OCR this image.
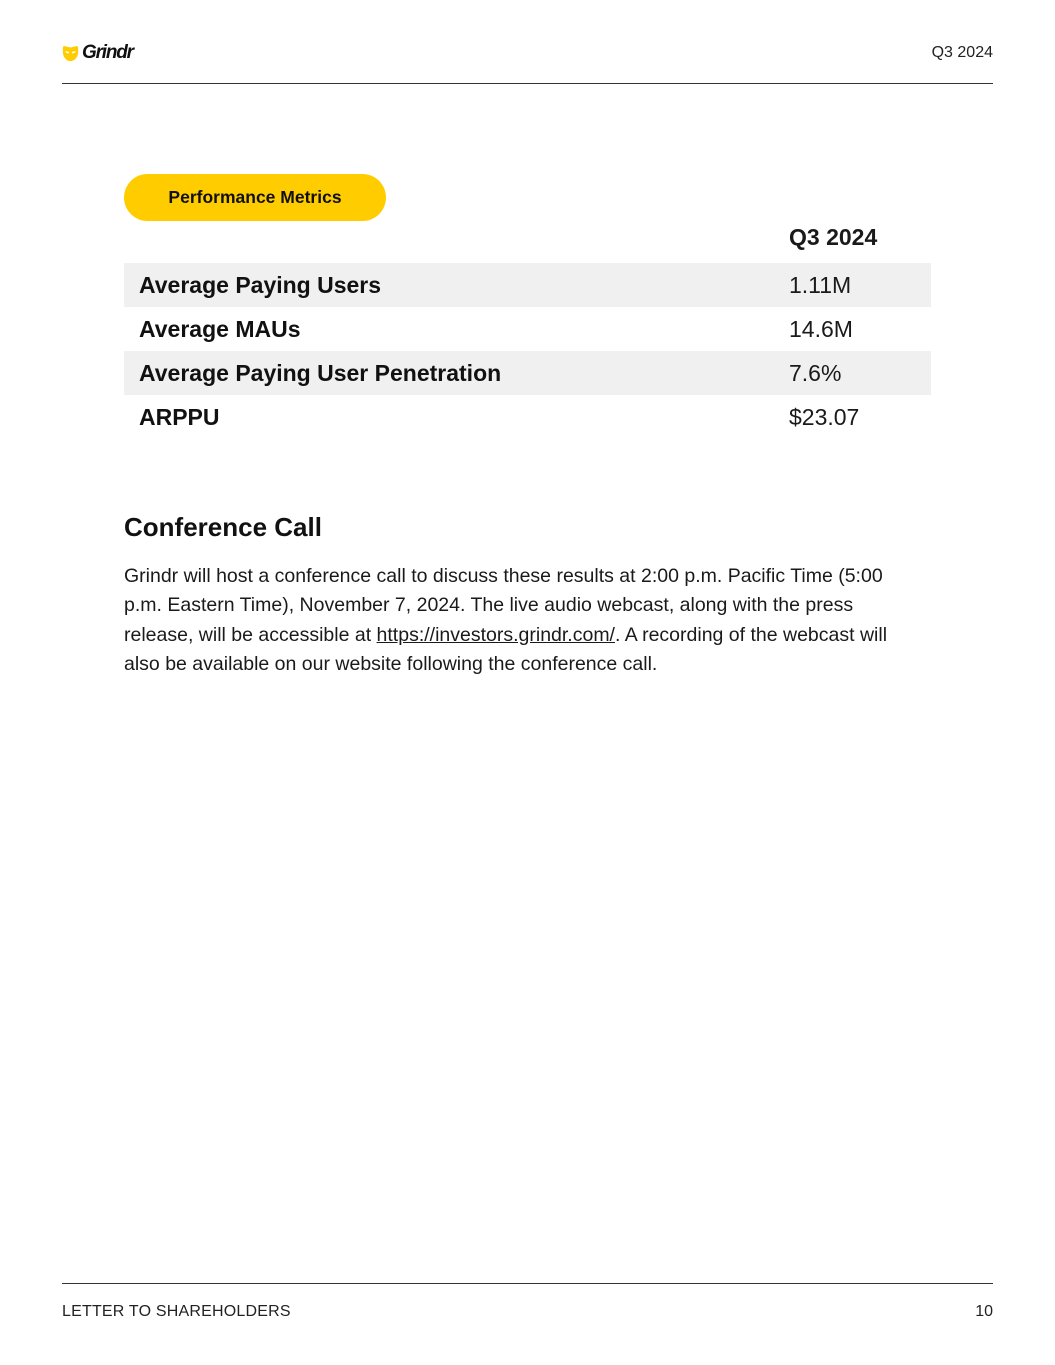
Grindr	Q3 2024
Performance Metrics
	Q3 2024

Average Paying Users	1.11M
Average MAUs	14.6M
Average Paying User Penetration	7.6%
ARPPU	$23.07
Conference Call

Grindr will host a conference call to discuss these results at 2:00 p.m. Pacific Time (5:00 p.m. Eastern Time), November 7, 2024. The live audio webcast, along with the press release, will be accessible at https://investors.grindr.com/. A recording of the webcast will also be available on our website following the conference call.

LETTER TO SHAREHOLDERS	10
